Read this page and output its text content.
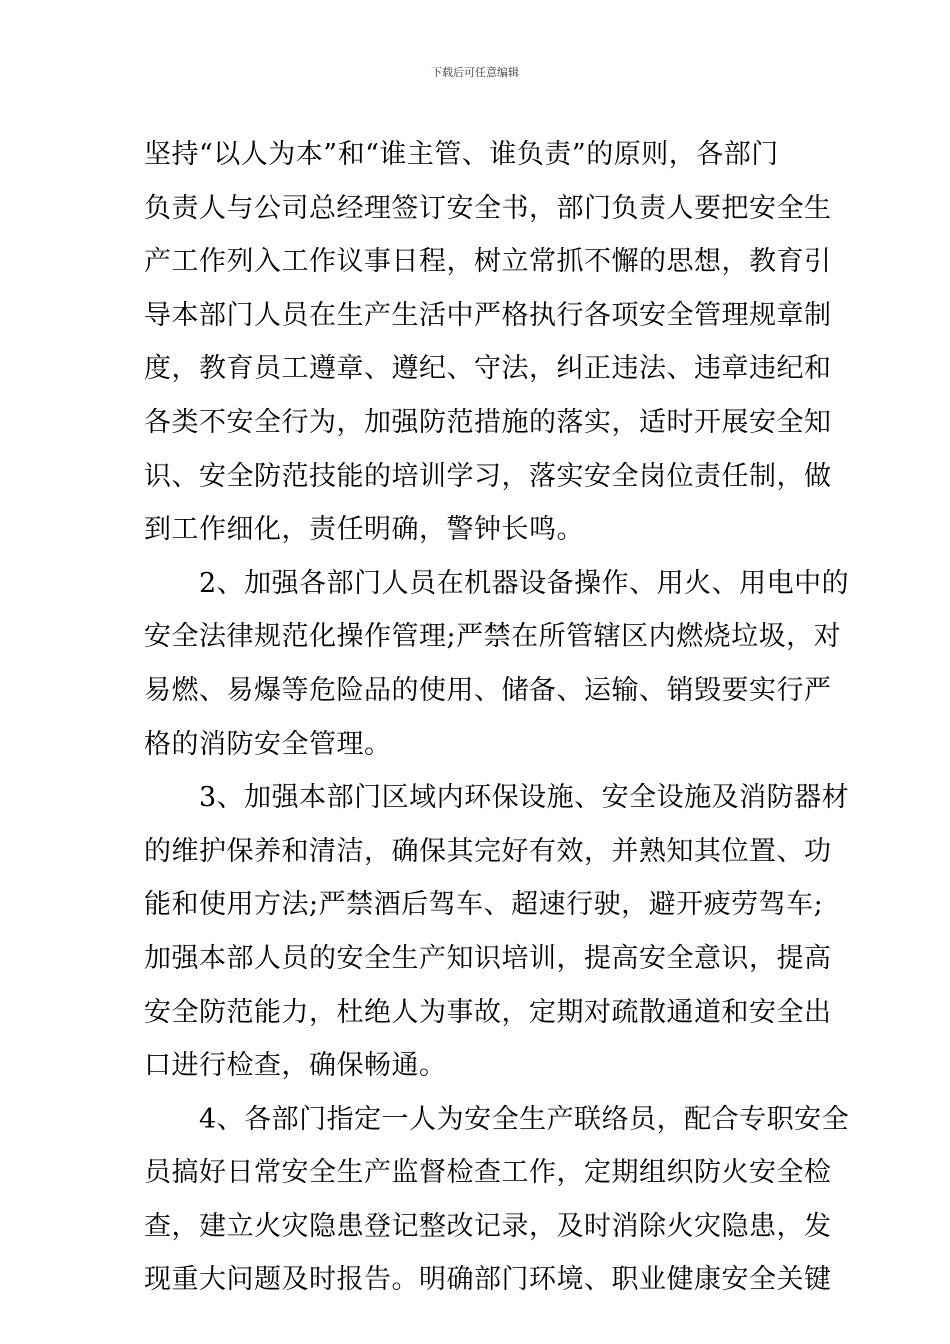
下载后可任意编辑
坚持“以人为本”和“谁主管、谁负责”的原则，各部门
负责人与公司总经理签订安全书，部门负责人要把安全生
产工作列入工作议事日程，树立常抓不懈的思想，教育引
导本部门人员在生产生活中严格执行各项安全管理规章制
度，教育员工遵章、遵纪、守法，纠正违法、违章违纪和
各类不安全行为，加强防范措施的落实，适时开展安全知
识、安全防范技能的培训学习，落实安全岗位责任制，做
到工作细化，责任明确，警钟长鸣。
　　2、加强各部门人员在机器设备操作、用火、用电中的
安全法律规范化操作管理;严禁在所管辖区内燃烧垃圾，对
易燃、易爆等危险品的使用、储备、运输、销毁要实行严
格的消防安全管理。
　　3、加强本部门区域内环保设施、安全设施及消防器材
的维护保养和清洁，确保其完好有效，并熟知其位置、功
能和使用方法;严禁酒后驾车、超速行驶，避开疲劳驾车;
加强本部人员的安全生产知识培训，提高安全意识，提高
安全防范能力，杜绝人为事故，定期对疏散通道和安全出
口进行检查，确保畅通。
　　4、各部门指定一人为安全生产联络员，配合专职安全
员搞好日常安全生产监督检查工作，定期组织防火安全检
查，建立火灾隐患登记整改记录，及时消除火灾隐患，发
现重大问题及时报告。明确部门环境、职业健康安全关键
